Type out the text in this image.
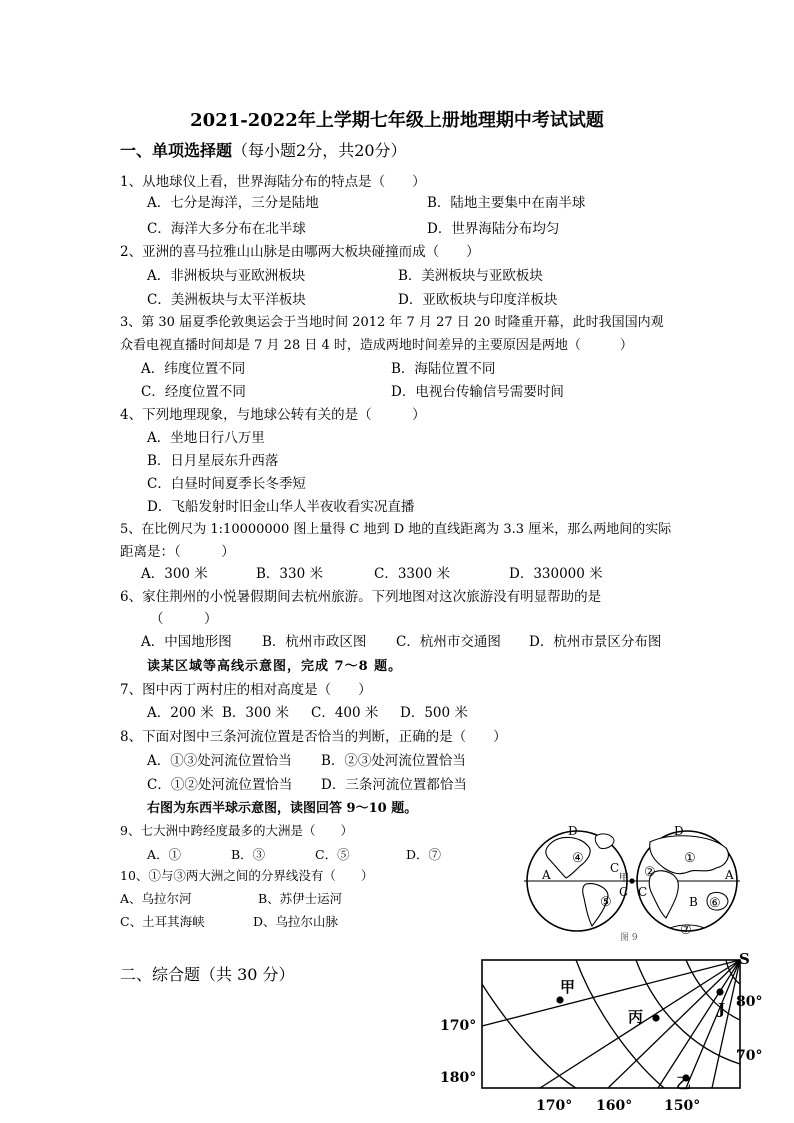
2021-2022年上学期七年级上册地理期中考试试题
一、单项选择题（每小题2分，共20分）
1、从地球仪上看，世界海陆分布的特点是（　　）
A．七分是海洋，三分是陆地	B．陆地主要集中在南半球
C．海洋大多分布在北半球	D．世界海陆分布均匀
2、亚洲的喜马拉雅山山脉是由哪两大板块碰撞而成（　　）
A．非洲板块与亚欧洲板块	B．美洲板块与亚欧板块
C．美洲板块与太平洋板块	D．亚欧板块与印度洋板块
3、第 30 届夏季伦敦奥运会于当地时间 2012 年 7 月 27 日 20 时隆重开幕，此时我国国内观
众看电视直播时间却是 7 月 28 日 4 时，造成两地时间差异的主要原因是两地（　　　）
A．纬度位置不同	B．海陆位置不同
C．经度位置不同	D．电视台传输信号需要时间
4、下列地理现象，与地球公转有关的是（　　　）
A．坐地日行八万里
B．日月星辰东升西落
C．白昼时间夏季长冬季短
D．飞船发射时旧金山华人半夜收看实况直播
5、在比例尺为 1:10000000 图上量得 C 地到 D 地的直线距离为 3.3 厘米，那么两地间的实际
距离是：（　　　）
A．300 米	B．330 米	C．3300 米	D．330000 米
6、家住荆州的小悦暑假期间去杭州旅游。下列地图对这次旅游没有明显帮助的是
（　　　）
A．中国地形图 B．杭州市政区图 C．杭州市交通图 D．杭州市景区分布图
读某区域等高线示意图，完成 7～8 题。
7、图中丙丁两村庄的相对高度是（　　）
A．200 米 B．300 米 C．400 米 D．500 米
8、下面对图中三条河流位置是否恰当的判断，正确的是（　　）
A．①③处河流位置恰当 B．②③处河流位置恰当
C．①②处河流位置恰当 D．三条河流位置都恰当
右图为东西半球示意图，读图回答 9～10 题。
9、七大洲中跨经度最多的大洲是（　　）
A．①	B．③	C．⑤	D．⑦
10、①与③两大洲之间的分界线没有（　　）
A、乌拉尔河	B、苏伊士运河
C、土耳其海峡	D、乌拉尔山脉
二、综合题（共 30 分）
D	D
A	A
C
C C
B
甲
④
⑤
①
②
⑥
⑦
图 9
S
甲
丙	J
乙
80°
70°
170°
180°
170° 160° 150°
